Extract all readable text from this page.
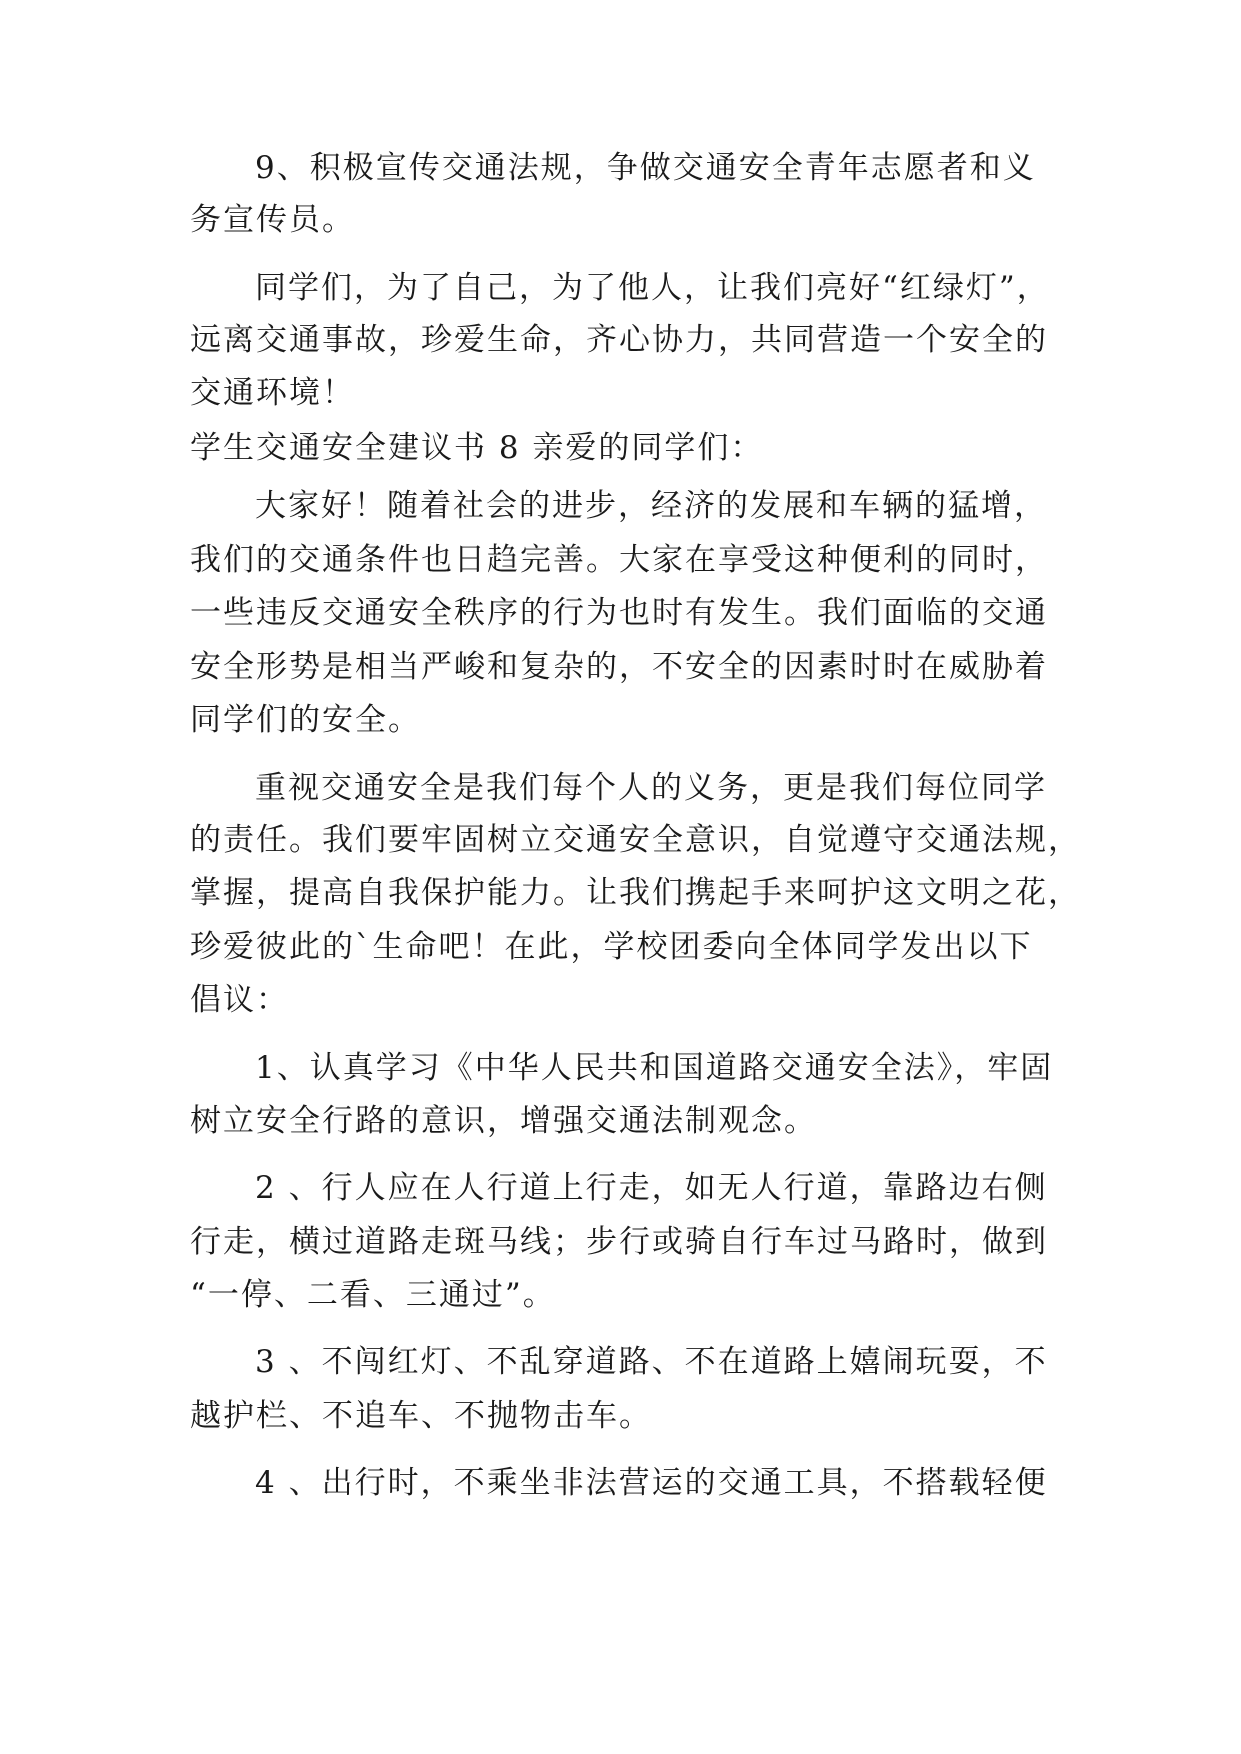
9、积极宣传交通法规，争做交通安全青年志愿者和义
务宣传员。
同学们，为了自己，为了他人，让我们亮好“红绿灯”，
远离交通事故，珍爱生命，齐心协力，共同营造一个安全的
交通环境！
学生交通安全建议书 8 亲爱的同学们：
大家好！随着社会的进步，经济的发展和车辆的猛增，
我们的交通条件也日趋完善。大家在享受这种便利的同时，
一些违反交通安全秩序的行为也时有发生。我们面临的交通
安全形势是相当严峻和复杂的，不安全的因素时时在威胁着
同学们的安全。
重视交通安全是我们每个人的义务，更是我们每位同学
的责任。我们要牢固树立交通安全意识，自觉遵守交通法规，
掌握，提高自我保护能力。让我们携起手来呵护这文明之花，
珍爱彼此的`生命吧！在此，学校团委向全体同学发出以下
倡议：
1、认真学习《中华人民共和国道路交通安全法》，牢固
树立安全行路的意识，增强交通法制观念。
2 、行人应在人行道上行走，如无人行道，靠路边右侧
行走，横过道路走斑马线；步行或骑自行车过马路时，做到
“一停、二看、三通过”。
3 、不闯红灯、不乱穿道路、不在道路上嬉闹玩耍，不
越护栏、不追车、不抛物击车。
4 、出行时，不乘坐非法营运的交通工具，不搭载轻便
